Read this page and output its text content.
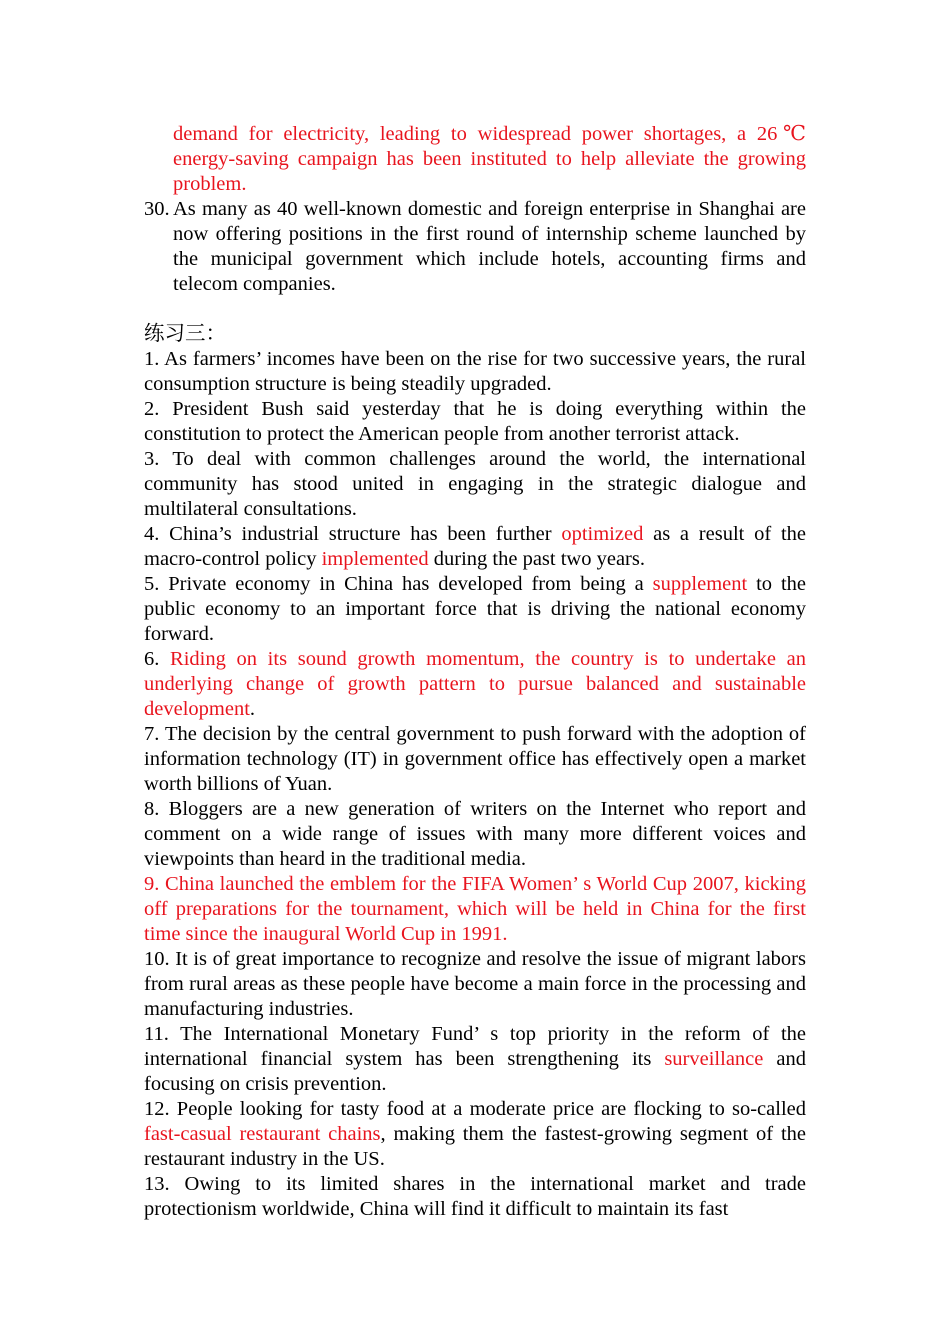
demand for electricity, leading to widespread power shortages, a 26℃ energy-saving campaign has been instituted to help alleviate the growing problem.

30. As many as 40 well-known domestic and foreign enterprise in Shanghai are now offering positions in the first round of internship scheme launched by the municipal government which include hotels, accounting firms and telecom companies.

练习三：

1. As farmers’ incomes have been on the rise for two successive years, the rural consumption structure is being steadily upgraded.

2. President Bush said yesterday that he is doing everything within the constitution to protect the American people from another terrorist attack.

3. To deal with common challenges around the world, the international community has stood united in engaging in the strategic dialogue and multilateral consultations.

4. China’s industrial structure has been further optimized as a result of the macro-control policy implemented during the past two years.

5. Private economy in China has developed from being a supplement to the public economy to an important force that is driving the national economy forward.

6. Riding on its sound growth momentum, the country is to undertake an underlying change of growth pattern to pursue balanced and sustainable development.

7. The decision by the central government to push forward with the adoption of information technology (IT) in government office has effectively open a market worth billions of Yuan.

8. Bloggers are a new generation of writers on the Internet who report and comment on a wide range of issues with many more different voices and viewpoints than heard in the traditional media.

9. China launched the emblem for the FIFA Women’ s World Cup 2007, kicking off preparations for the tournament, which will be held in China for the first time since the inaugural World Cup in 1991.

10. It is of great importance to recognize and resolve the issue of migrant labors from rural areas as these people have become a main force in the processing and manufacturing industries.

11. The International Monetary Fund’ s top priority in the reform of the international financial system has been strengthening its surveillance and focusing on crisis prevention.

12. People looking for tasty food at a moderate price are flocking to so-called fast-casual restaurant chains, making them the fastest-growing segment of the restaurant industry in the US.

13. Owing to its limited shares in the international market and trade protectionism worldwide, China will find it difficult to maintain its fast
